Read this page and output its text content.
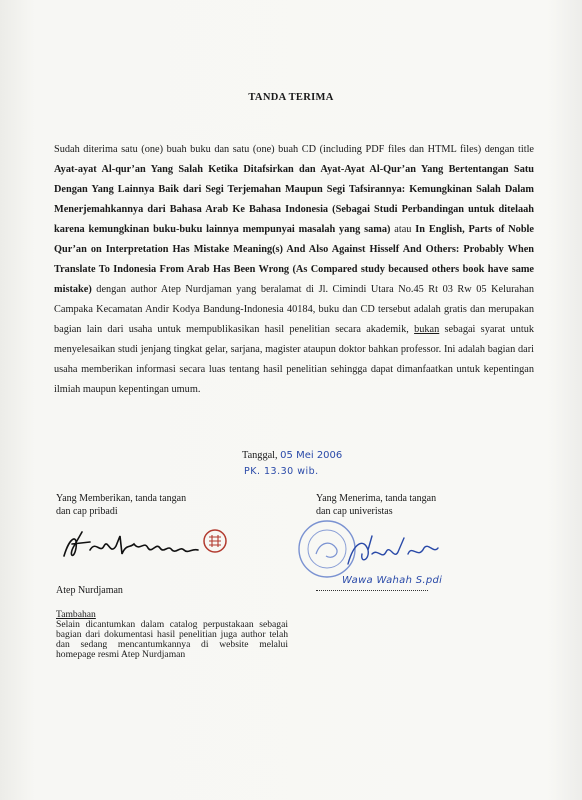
TANDA TERIMA
Sudah diterima satu (one) buah buku dan satu (one) buah CD (including PDF files dan HTML files) dengan title Ayat-ayat Al-qur’an Yang Salah Ketika Ditafsirkan dan Ayat-Ayat Al-Qur’an Yang Bertentangan Satu Dengan Yang Lainnya Baik dari Segi Terjemahan Maupun Segi Tafsirannya: Kemungkinan Salah Dalam Menerjemahkannya dari Bahasa Arab Ke Bahasa Indonesia (Sebagai Studi Perbandingan untuk ditelaah karena kemungkinan buku-buku lainnya mempunyai masalah yang sama) atau In English, Parts of Noble Qur’an on Interpretation Has Mistake Meaning(s) And Also Against Hisself And Others: Probably When Translate To Indonesia From Arab Has Been Wrong (As Compared study becaused others book have same mistake) dengan author Atep Nurdjaman yang beralamat di Jl. Cimindi Utara No.45 Rt 03 Rw 05 Kelurahan Campaka Kecamatan Andir Kodya Bandung-Indonesia 40184, buku dan CD tersebut adalah gratis dan merupakan bagian lain dari usaha untuk mempublikasikan hasil penelitian secara akademik, bukan sebagai syarat untuk menyelesaikan studi jenjang tingkat gelar, sarjana, magister ataupun doktor bahkan professor. Ini adalah bagian dari usaha memberikan informasi secara luas tentang hasil penelitian sehingga dapat dimanfaatkan untuk kepentingan ilmiah maupun kepentingan umum.
Tanggal, 05 Mei 2006
PK. 13.30 wib.
Yang Memberikan, tanda tangan
dan cap pribadi
Atep Nurdjaman
Yang Menerima, tanda tangan
dan cap univeristas
Wawa Wahah S.pdi
Tambahan
Selain dicantumkan dalam catalog perpustakaan sebagai bagian dari dokumentasi hasil penelitian juga author telah dan sedang mencantumkannya di website melalui homepage resmi Atep Nurdjaman
